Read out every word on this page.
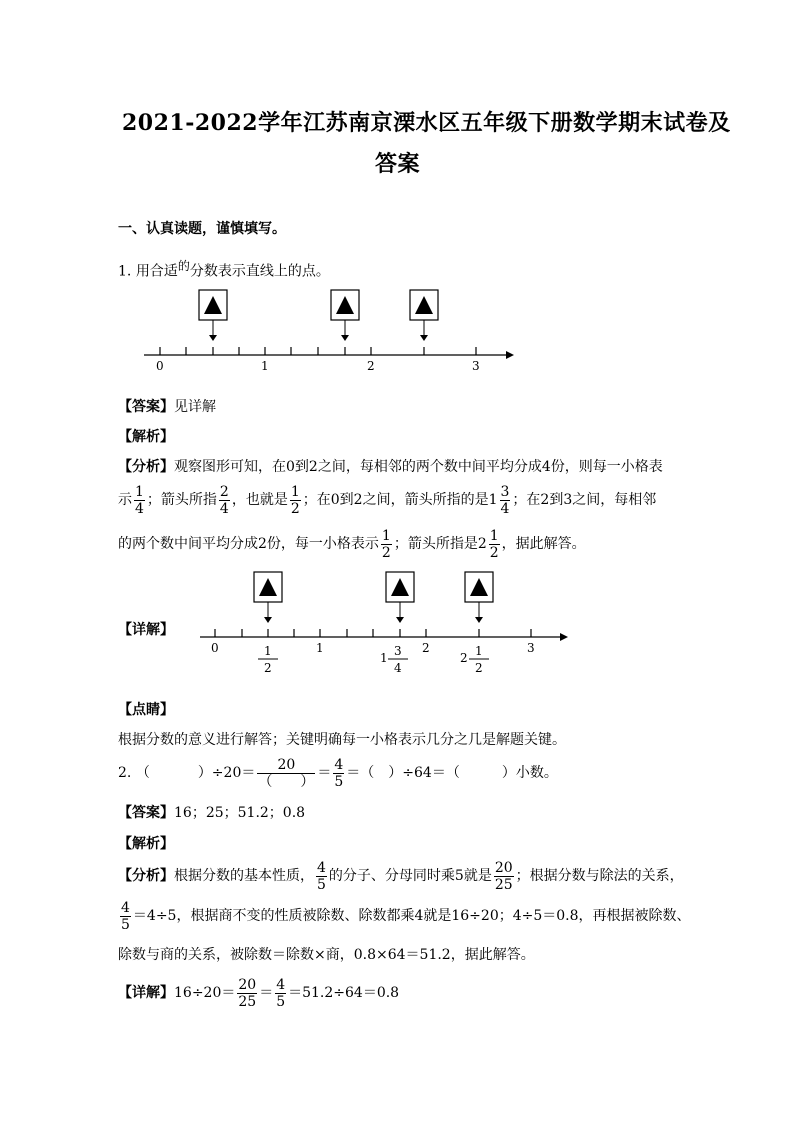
2021-2022学年江苏南京溧水区五年级下册数学期末试卷及
答案
一、认真读题，谨慎填写。
1. 用合适$^的$分数表示直线上的点。
0	1	2	3
【答案】见详解
【解析】
【分析】观察图形可知，在0到2之间，每相邻的两个数中间平均分成4份，则每一小格表
示 $\frac{1}{4}$ ；箭头所指 $\frac{2}{4}$ ，也就是 $\frac{1}{2}$ ；在0到2之间，箭头所指的是$1 \frac{3}{4}$ ；在2到3之间，每相邻
的两个数中间平均分成2份，每一小格表示 $\frac{1}{2}$ ；箭头所指是$2 \frac{1}{2}$ ，据此解答。
【详解】
0	1	2	3
1
2
1 3
4
2 1
2
【点睛】
根据分数的意义进行解答；关键明确每一小格表示几分之几是解题关键。
2. （	）$\div 20= \frac{20}{( )} = \frac{4}{5}$ ＝（　）÷64＝（　　　）小数。
【答案】16；25；51.2；0.8
【解析】
【分析】根据分数的基本性质， $\frac{4}{5}$ 的分子、分母同时乘5就是 $\frac{20}{25}$ ；根据分数与除法的关系，
$\frac{4}{5} =4\div 5$，根据商不变的性质被除数、除数都乘4就是16÷20；4÷5＝0.8，再根据被除数、
除数与商的关系，被除数＝除数×商，0.8×64＝51.2，据此解答。
【详解】$16\div 20= \frac{20}{25} = \frac{4}{5} =51.2\div 64=0.8$
